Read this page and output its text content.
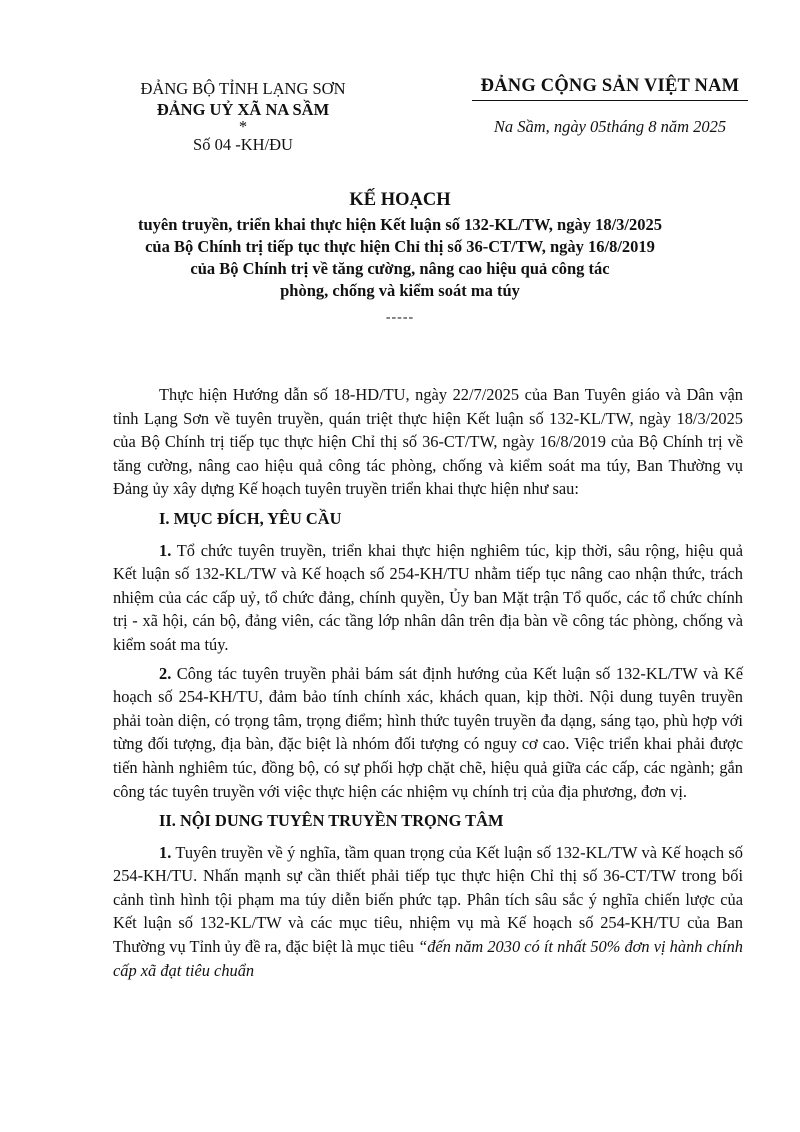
ĐẢNG BỘ TỈNH LẠNG SƠN
ĐẢNG UỶ XÃ NA SẦM
*
Số 04 -KH/ĐU
ĐẢNG CỘNG SẢN VIỆT NAM
Na Sầm, ngày 05tháng 8 năm 2025
KẾ HOẠCH
tuyên truyền, triển khai thực hiện Kết luận số 132-KL/TW, ngày 18/3/2025
của Bộ Chính trị tiếp tục thực hiện Chỉ thị số 36-CT/TW, ngày 16/8/2019
của Bộ Chính trị về tăng cường, nâng cao hiệu quả công tác
phòng, chống và kiểm soát ma túy
-----

Thực hiện Hướng dẫn số 18-HD/TU, ngày 22/7/2025 của Ban Tuyên giáo và Dân vận tỉnh Lạng Sơn về tuyên truyền, quán triệt thực hiện Kết luận số 132-KL/TW, ngày 18/3/2025 của Bộ Chính trị tiếp tục thực hiện Chỉ thị số 36-CT/TW, ngày 16/8/2019 của Bộ Chính trị về tăng cường, nâng cao hiệu quả công tác phòng, chống và kiểm soát ma túy, Ban Thường vụ Đảng ủy xây dựng Kế hoạch tuyên truyền triển khai thực hiện như sau:

I. MỤC ĐÍCH, YÊU CẦU

1. Tổ chức tuyên truyền, triển khai thực hiện nghiêm túc, kịp thời, sâu rộng, hiệu quả Kết luận số 132-KL/TW và Kế hoạch số 254-KH/TU nhằm tiếp tục nâng cao nhận thức, trách nhiệm của các cấp uỷ, tổ chức đảng, chính quyền, Ủy ban Mặt trận Tổ quốc, các tổ chức chính trị - xã hội, cán bộ, đảng viên, các tầng lớp nhân dân trên địa bàn về công tác phòng, chống và kiểm soát ma túy.

2. Công tác tuyên truyền phải bám sát định hướng của Kết luận số 132-KL/TW và Kế hoạch số 254-KH/TU, đảm bảo tính chính xác, khách quan, kịp thời. Nội dung tuyên truyền phải toàn diện, có trọng tâm, trọng điểm; hình thức tuyên truyền đa dạng, sáng tạo, phù hợp với từng đối tượng, địa bàn, đặc biệt là nhóm đối tượng có nguy cơ cao. Việc triển khai phải được tiến hành nghiêm túc, đồng bộ, có sự phối hợp chặt chẽ, hiệu quả giữa các cấp, các ngành; gắn công tác tuyên truyền với việc thực hiện các nhiệm vụ chính trị của địa phương, đơn vị.

II. NỘI DUNG TUYÊN TRUYỀN TRỌNG TÂM

1. Tuyên truyền về ý nghĩa, tầm quan trọng của Kết luận số 132-KL/TW và Kế hoạch số 254-KH/TU. Nhấn mạnh sự cần thiết phải tiếp tục thực hiện Chỉ thị số 36-CT/TW trong bối cảnh tình hình tội phạm ma túy diễn biến phức tạp. Phân tích sâu sắc ý nghĩa chiến lược của Kết luận số 132-KL/TW và các mục tiêu, nhiệm vụ mà Kế hoạch số 254-KH/TU của Ban Thường vụ Tỉnh ủy đề ra, đặc biệt là mục tiêu “đến năm 2030 có ít nhất 50% đơn vị hành chính cấp xã đạt tiêu chuẩn
